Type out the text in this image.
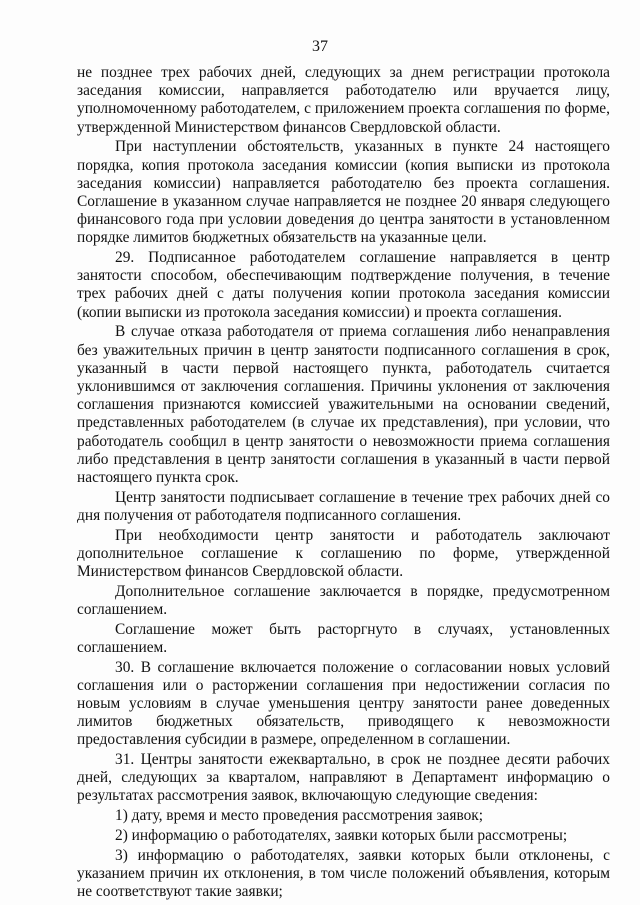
37

не позднее трех рабочих дней, следующих за днем регистрации протокола заседания комиссии, направляется работодателю или вручается лицу, уполномоченному работодателем, с приложением проекта соглашения по форме, утвержденной Министерством финансов Свердловской области.

При наступлении обстоятельств, указанных в пункте 24 настоящего порядка, копия протокола заседания комиссии (копия выписки из протокола заседания комиссии) направляется работодателю без проекта соглашения. Соглашение в указанном случае направляется не позднее 20 января следующего финансового года при условии доведения до центра занятости в установленном порядке лимитов бюджетных обязательств на указанные цели.

29. Подписанное работодателем соглашение направляется в центр занятости способом, обеспечивающим подтверждение получения, в течение трех рабочих дней с даты получения копии протокола заседания комиссии (копии выписки из протокола заседания комиссии) и проекта соглашения.

В случае отказа работодателя от приема соглашения либо ненаправления без уважительных причин в центр занятости подписанного соглашения в срок, указанный в части первой настоящего пункта, работодатель считается уклонившимся от заключения соглашения. Причины уклонения от заключения соглашения признаются комиссией уважительными на основании сведений, представленных работодателем (в случае их представления), при условии, что работодатель сообщил в центр занятости о невозможности приема соглашения либо представления в центр занятости соглашения в указанный в части первой настоящего пункта срок.

Центр занятости подписывает соглашение в течение трех рабочих дней со дня получения от работодателя подписанного соглашения.

При необходимости центр занятости и работодатель заключают дополнительное соглашение к соглашению по форме, утвержденной Министерством финансов Свердловской области.

Дополнительное соглашение заключается в порядке, предусмотренном соглашением.

Соглашение может быть расторгнуто в случаях, установленных соглашением.

30. В соглашение включается положение о согласовании новых условий соглашения или о расторжении соглашения при недостижении согласия по новым условиям в случае уменьшения центру занятости ранее доведенных лимитов бюджетных обязательств, приводящего к невозможности предоставления субсидии в размере, определенном в соглашении.

31. Центры занятости ежеквартально, в срок не позднее десяти рабочих дней, следующих за кварталом, направляют в Департамент информацию о результатах рассмотрения заявок, включающую следующие сведения:

1) дату, время и место проведения рассмотрения заявок;

2) информацию о работодателях, заявки которых были рассмотрены;

3) информацию о работодателях, заявки которых были отклонены, с указанием причин их отклонения, в том числе положений объявления, которым не соответствуют такие заявки;
